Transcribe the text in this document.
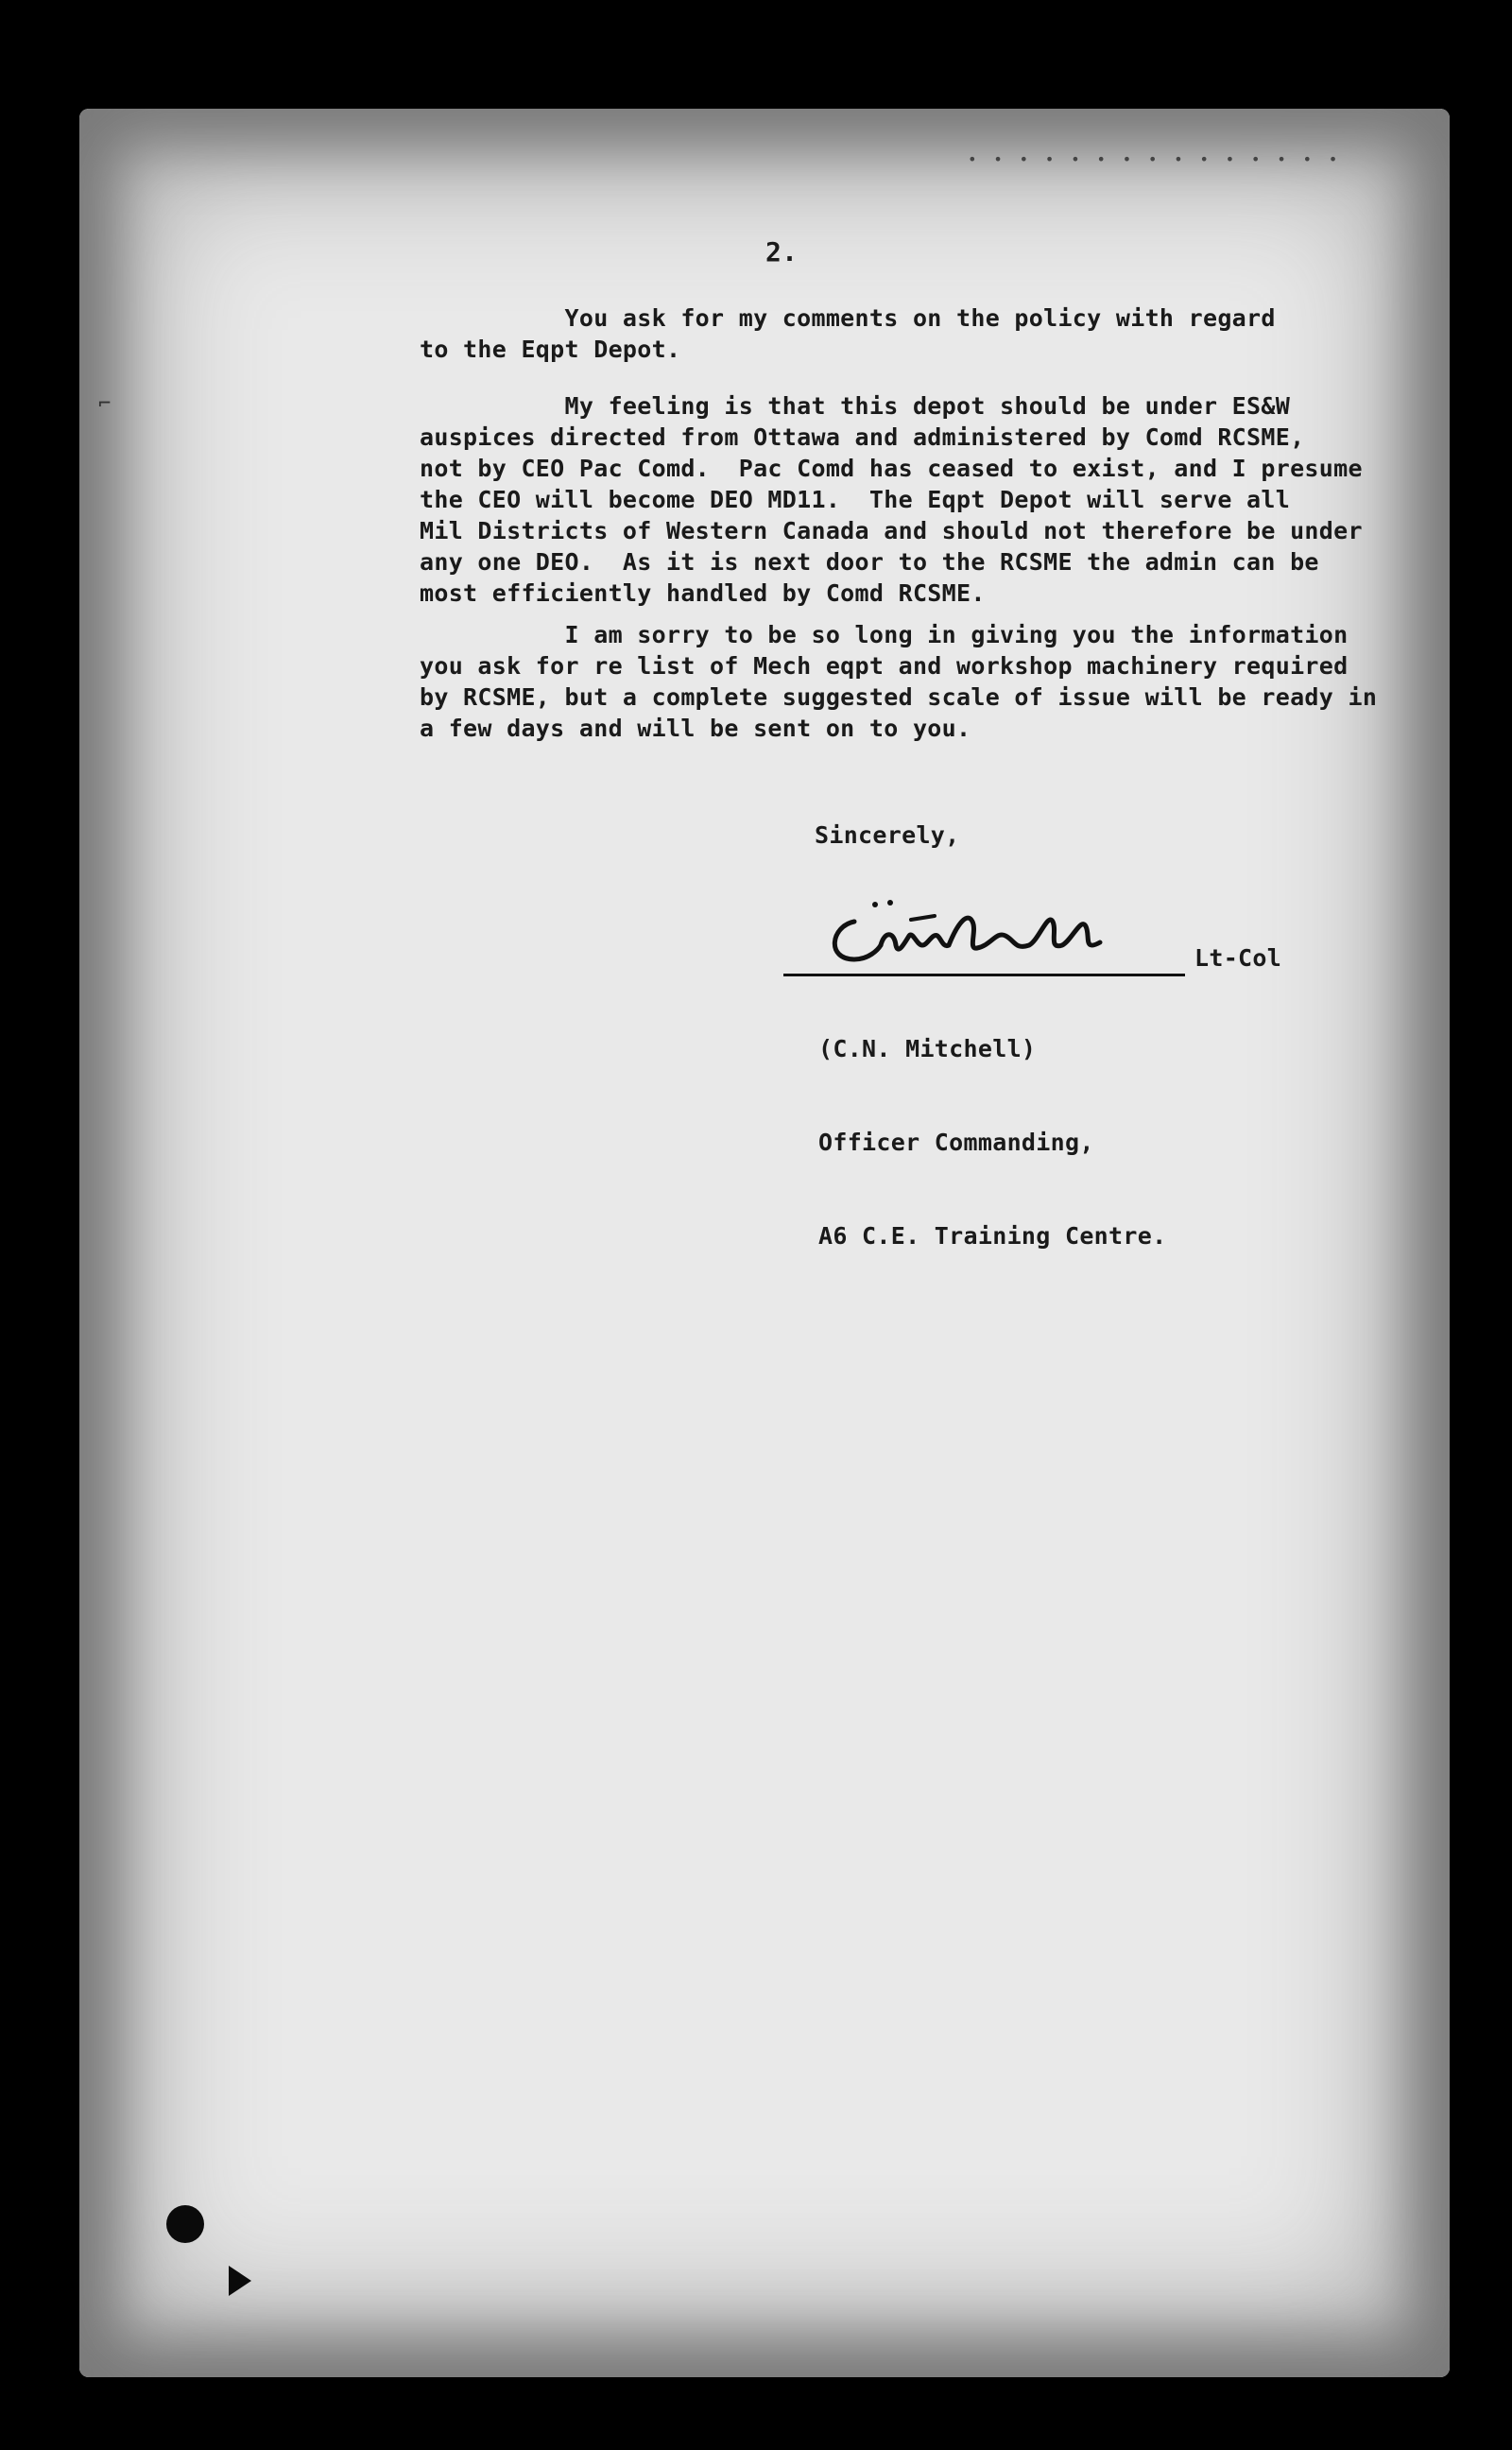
• • • • • • • • • • • • • • •
⌐
2.
You ask for my comments on the policy with regard
to the Eqpt Depot.
My feeling is that this depot should be under ES&W
auspices directed from Ottawa and administered by Comd RCSME,
not by CEO Pac Comd.  Pac Comd has ceased to exist, and I presume
the CEO will become DEO MD11.  The Eqpt Depot will serve all
Mil Districts of Western Canada and should not therefore be under
any one DEO.  As it is next door to the RCSME the admin can be
most efficiently handled by Comd RCSME.
I am sorry to be so long in giving you the information
you ask for re list of Mech eqpt and workshop machinery required
by RCSME, but a complete suggested scale of issue will be ready in
a few days and will be sent on to you.
Sincerely,
Lt-Col

(C.N. Mitchell)

Officer Commanding,

A6 C.E. Training Centre.
